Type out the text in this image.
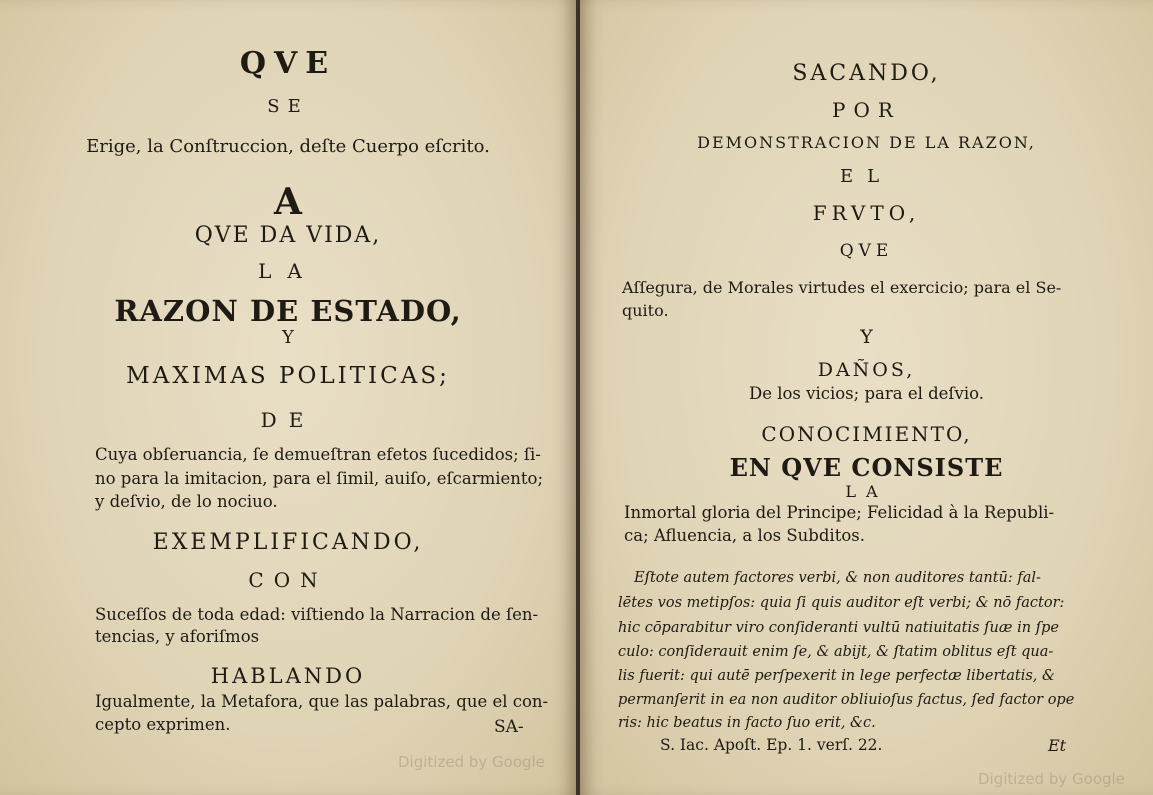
QVE
SE
Erige, la Conſtruccion, deſte Cuerpo eſcrito.
A
QVE DA VIDA,
LA
RAZON DE ESTADO,
Y
MAXIMAS POLITICAS;
DE
Cuya obſeruancia, ſe demueſtran efetos ſucedidos; ſi-
no para la imitacion, para el ſimil, auiſo, eſcarmiento;
y deſvio, de lo nociuo.
EXEMPLIFICANDO,
CON
Suceſſos de toda edad: viſtiendo la Narracion de ſen-
tencias, y aforiſmos
HABLANDO
Igualmente, la Metafora, que las palabras, que el con-
cepto exprimen.	SA-
Digitized by Google
SACANDO,
POR
DEMONSTRACION DE LA RAZON,
EL
FRVTO,
QVE
Aſſegura, de Morales virtudes el exercicio; para el Se-
quito.
Y
DAÑOS,
De los vicios; para el deſvio.
CONOCIMIENTO,
EN QVE CONSISTE
LA
Inmortal gloria del Principe; Felicidad à la Republi-
ca; Afluencia, a los Subditos.
Eſtote autem factores verbi, & non auditores tantū: fal-
lētes vos metipſos: quia ſi quis auditor eſt verbi; & nō factor:
hic cōparabitur viro conſideranti vultū natiuitatis ſuæ in ſpe
culo: conſiderauit enim ſe, & abijt, & ſtatim oblitus eſt qua-
lis fuerit: qui autē perſpexerit in lege perfectæ libertatis, &
permanſerit in ea non auditor obliuioſus factus, ſed factor ope
ris: hic beatus in facto ſuo erit, &c.
S. Iac. Apoſt. Ep. 1. verſ. 22.	Et
Digitized by Google
